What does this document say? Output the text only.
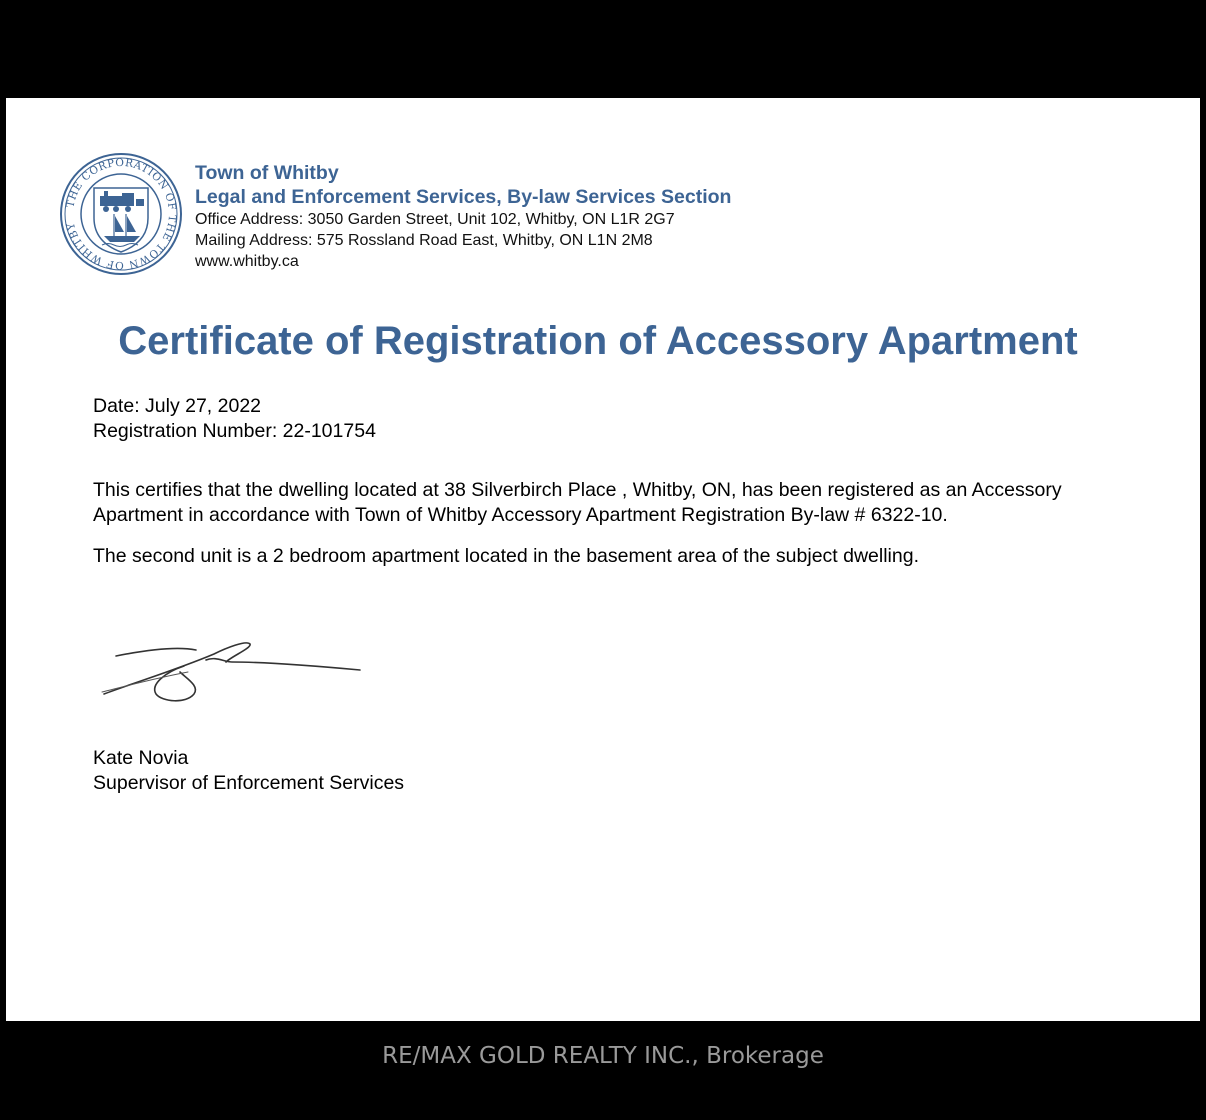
THE CORPORATION OF THE TOWN OF WHITBY
Town of Whitby
Legal and Enforcement Services, By-law Services Section
Office Address: 3050 Garden Street, Unit 102, Whitby, ON L1R 2G7
Mailing Address: 575 Rossland Road East, Whitby, ON L1N 2M8
www.whitby.ca
Certificate of Registration of Accessory Apartment
Date: July 27, 2022
Registration Number: 22-101754

This certifies that the dwelling located at 38 Silverbirch Place , Whitby, ON, has been registered as an Accessory Apartment in accordance with Town of Whitby Accessory Apartment Registration By-law # 6322-10.

The second unit is a 2 bedroom apartment located in the basement area of the subject dwelling.

Kate Novia
Supervisor of Enforcement Services
RE/MAX GOLD REALTY INC., Brokerage
